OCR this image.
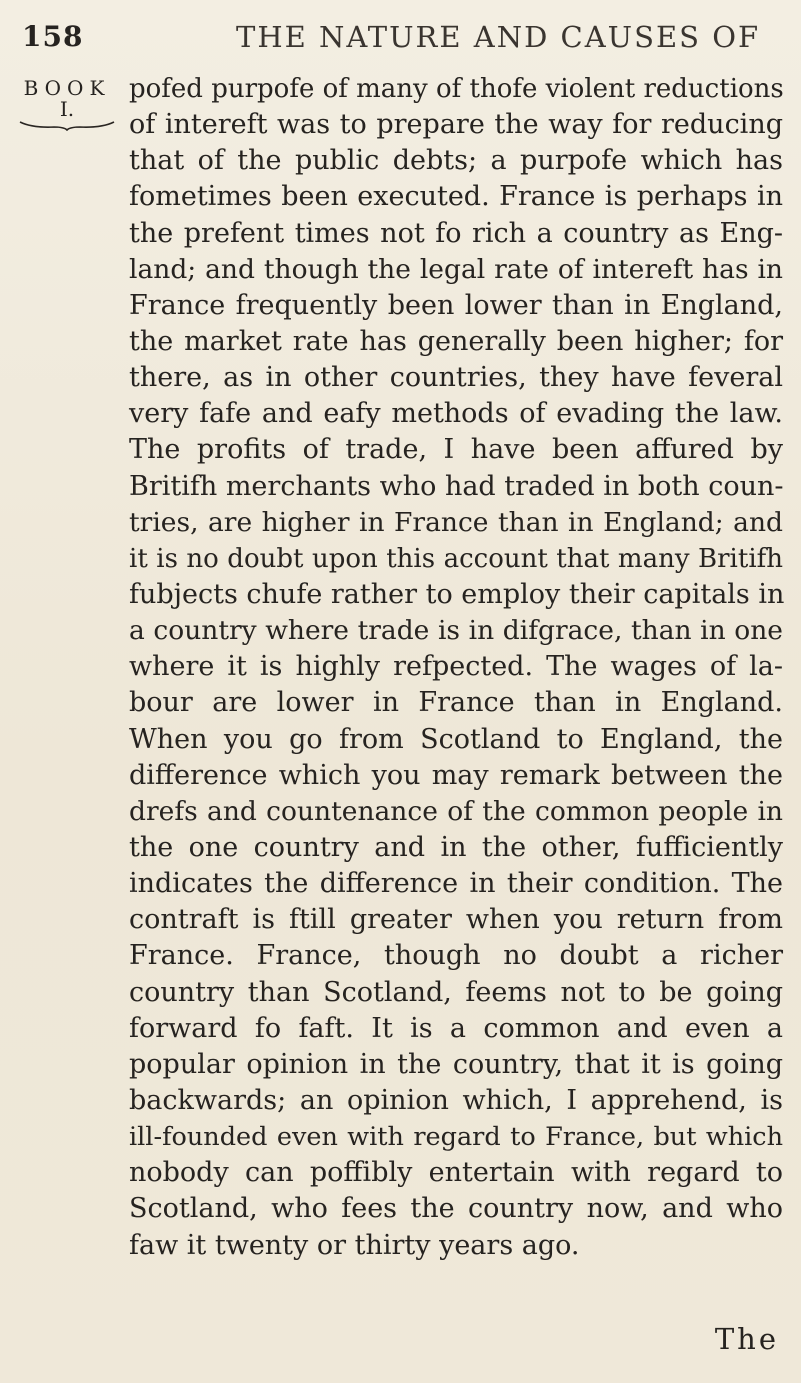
158	THE NATURE AND CAUSES OF
BOOK
I.
pofed purpofe of many of thofe violent reductions
of intereft was to prepare the way for reducing
that of the public debts; a purpofe which has
fometimes been executed. France is perhaps in
the prefent times not fo rich a country as Eng-
land; and though the legal rate of intereft has in
France frequently been lower than in England,
the market rate has generally been higher; for
there, as in other countries, they have feveral
very fafe and eafy methods of evading the law.
The profits of trade, I have been affured by
Britifh merchants who had traded in both coun-
tries, are higher in France than in England; and
it is no doubt upon this account that many Britifh
fubjects chufe rather to employ their capitals in
a country where trade is in difgrace, than in one
where it is highly refpected. The wages of la-
bour are lower in France than in England.
When you go from Scotland to England, the
difference which you may remark between the
drefs and countenance of the common people in
the one country and in the other, fufficiently
indicates the difference in their condition. The
contraft is ftill greater when you return from
France. France, though no doubt a richer
country than Scotland, feems not to be going
forward fo faft. It is a common and even a
popular opinion in the country, that it is going
backwards; an opinion which, I apprehend, is
ill-founded even with regard to France, but which
nobody can poffibly entertain with regard to
Scotland, who fees the country now, and who
faw it twenty or thirty years ago.
The
